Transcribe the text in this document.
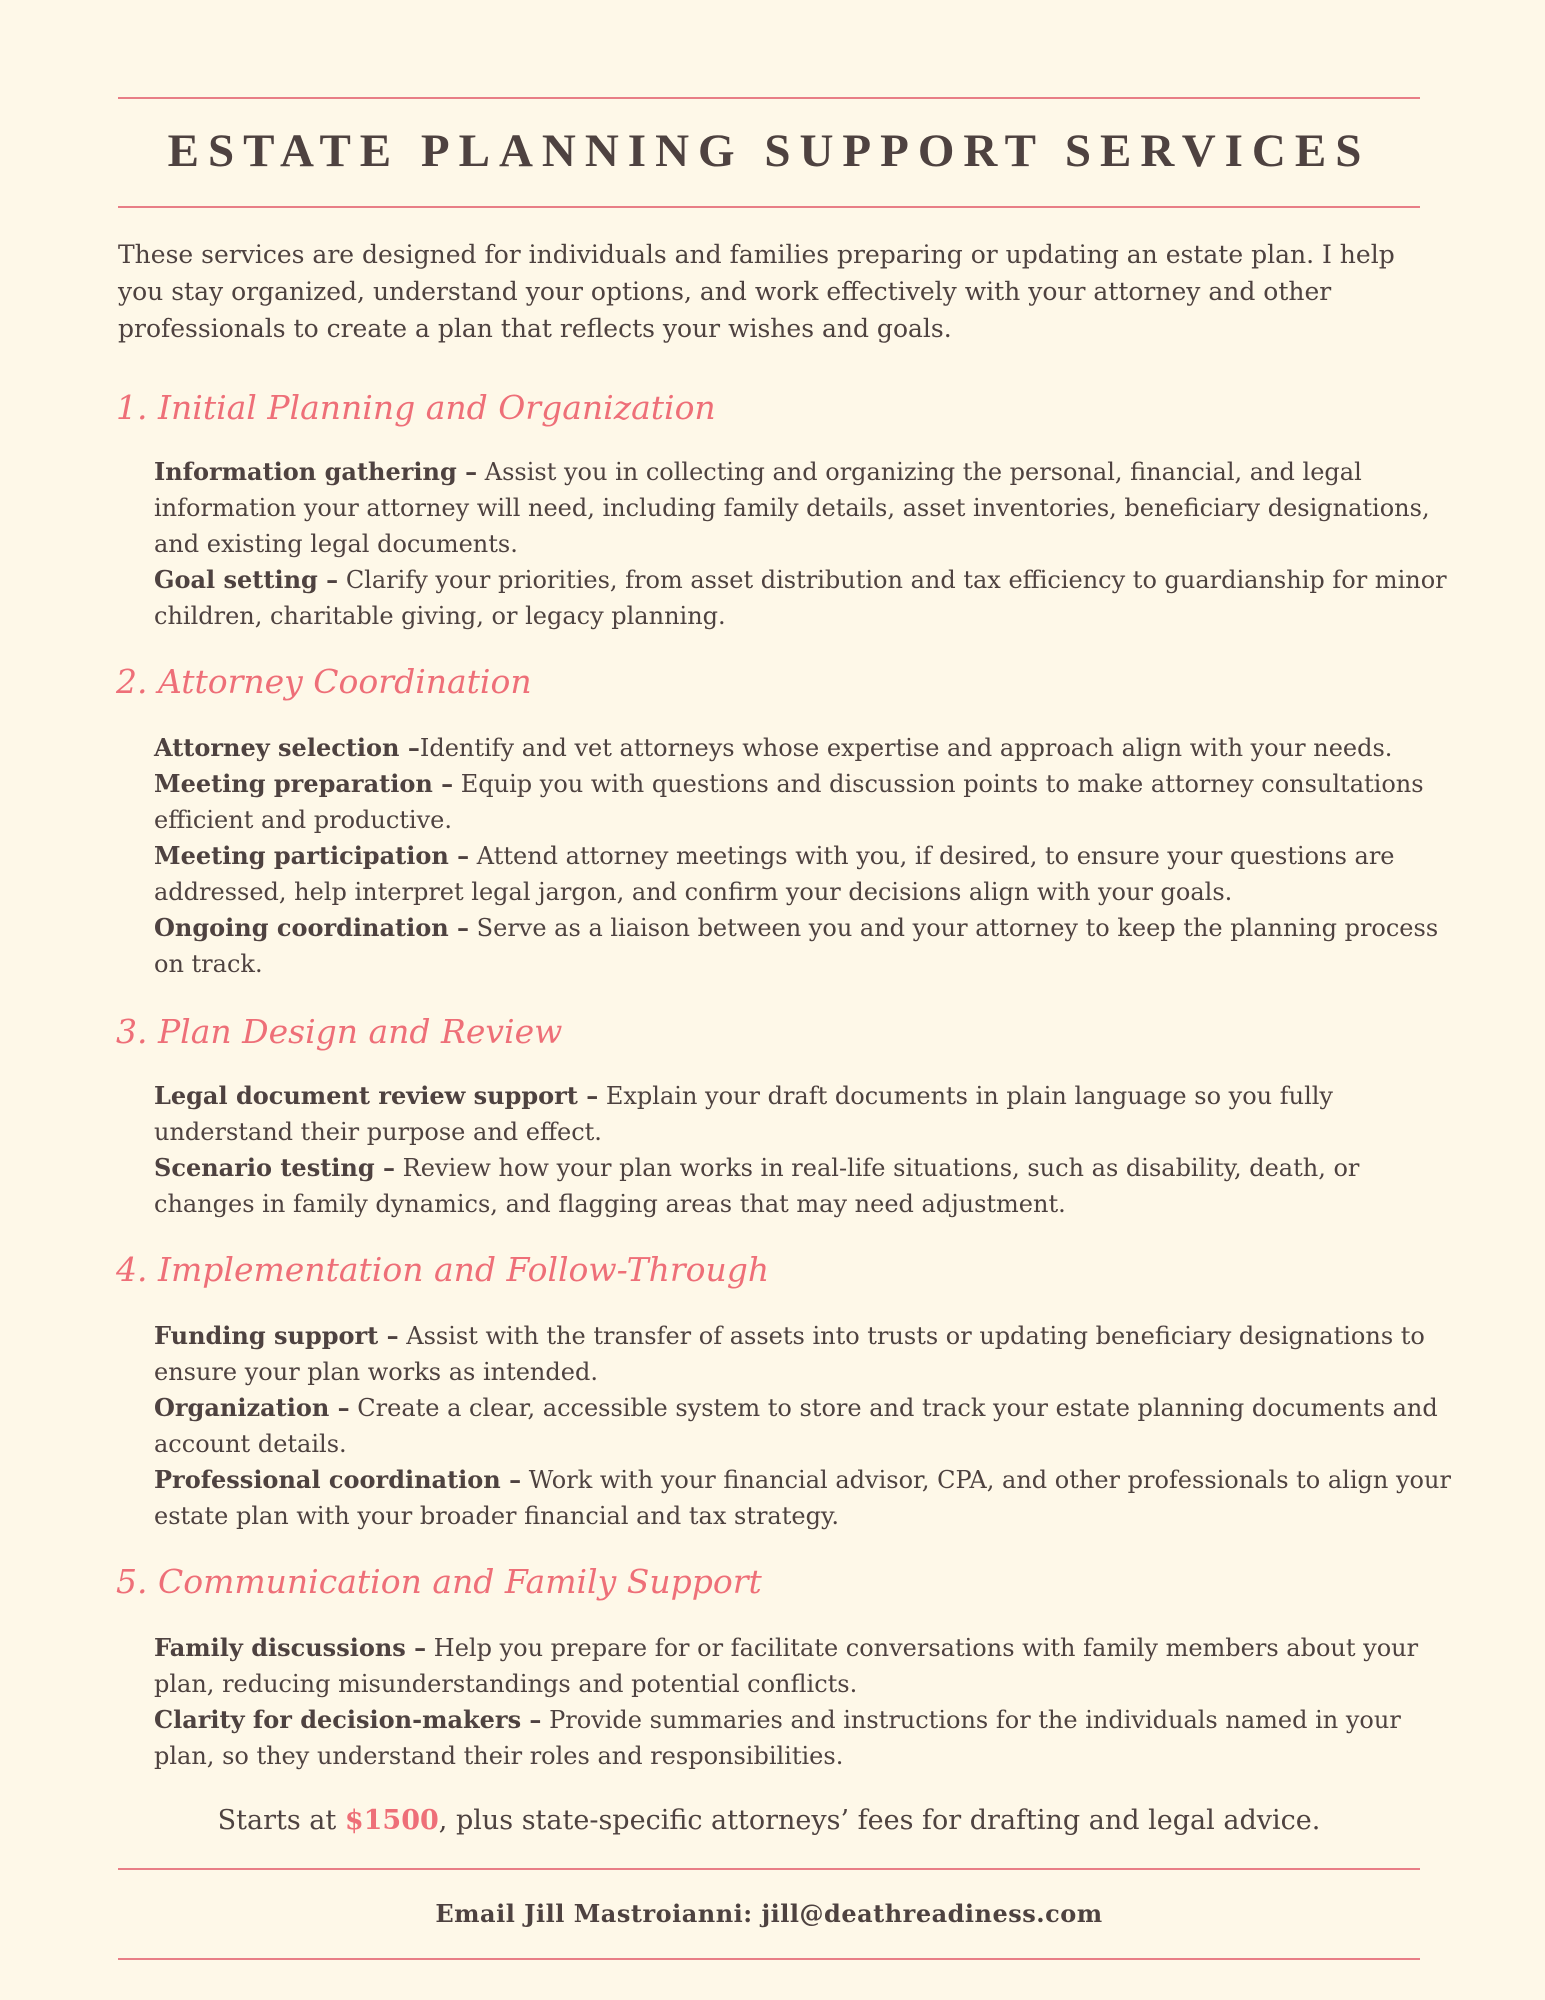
ESTATE PLANNING SUPPORT SERVICES

These services are designed for individuals and families preparing or updating an estate plan. I help you stay organized, understand your options, and work effectively with your attorney and other professionals to create a plan that reflects your wishes and goals.

1. Initial Planning and Organization
Information gathering – Assist you in collecting and organizing the personal, financial, and legal information your attorney will need, including family details, asset inventories, beneficiary designations, and existing legal documents.
Goal setting – Clarify your priorities, from asset distribution and tax efficiency to guardianship for minor children, charitable giving, or legacy planning.
2. Attorney Coordination
Attorney selection –Identify and vet attorneys whose expertise and approach align with your needs.
Meeting preparation – Equip you with questions and discussion points to make attorney consultations efficient and productive.
Meeting participation – Attend attorney meetings with you, if desired, to ensure your questions are addressed, help interpret legal jargon, and confirm your decisions align with your goals.
Ongoing coordination – Serve as a liaison between you and your attorney to keep the planning process on track.
3. Plan Design and Review
Legal document review support – Explain your draft documents in plain language so you fully understand their purpose and effect.
Scenario testing – Review how your plan works in real-life situations, such as disability, death, or changes in family dynamics, and flagging areas that may need adjustment.
4. Implementation and Follow-Through
Funding support – Assist with the transfer of assets into trusts or updating beneficiary designations to ensure your plan works as intended.
Organization – Create a clear, accessible system to store and track your estate planning documents and account details.
Professional coordination – Work with your financial advisor, CPA, and other professionals to align your estate plan with your broader financial and tax strategy.
5. Communication and Family Support
Family discussions – Help you prepare for or facilitate conversations with family members about your plan, reducing misunderstandings and potential conflicts.
Clarity for decision-makers – Provide summaries and instructions for the individuals named in your plan, so they understand their roles and responsibilities.

Starts at $1500, plus state-specific attorneys’ fees for drafting and legal advice.

Email Jill Mastroianni: jill@deathreadiness.com
